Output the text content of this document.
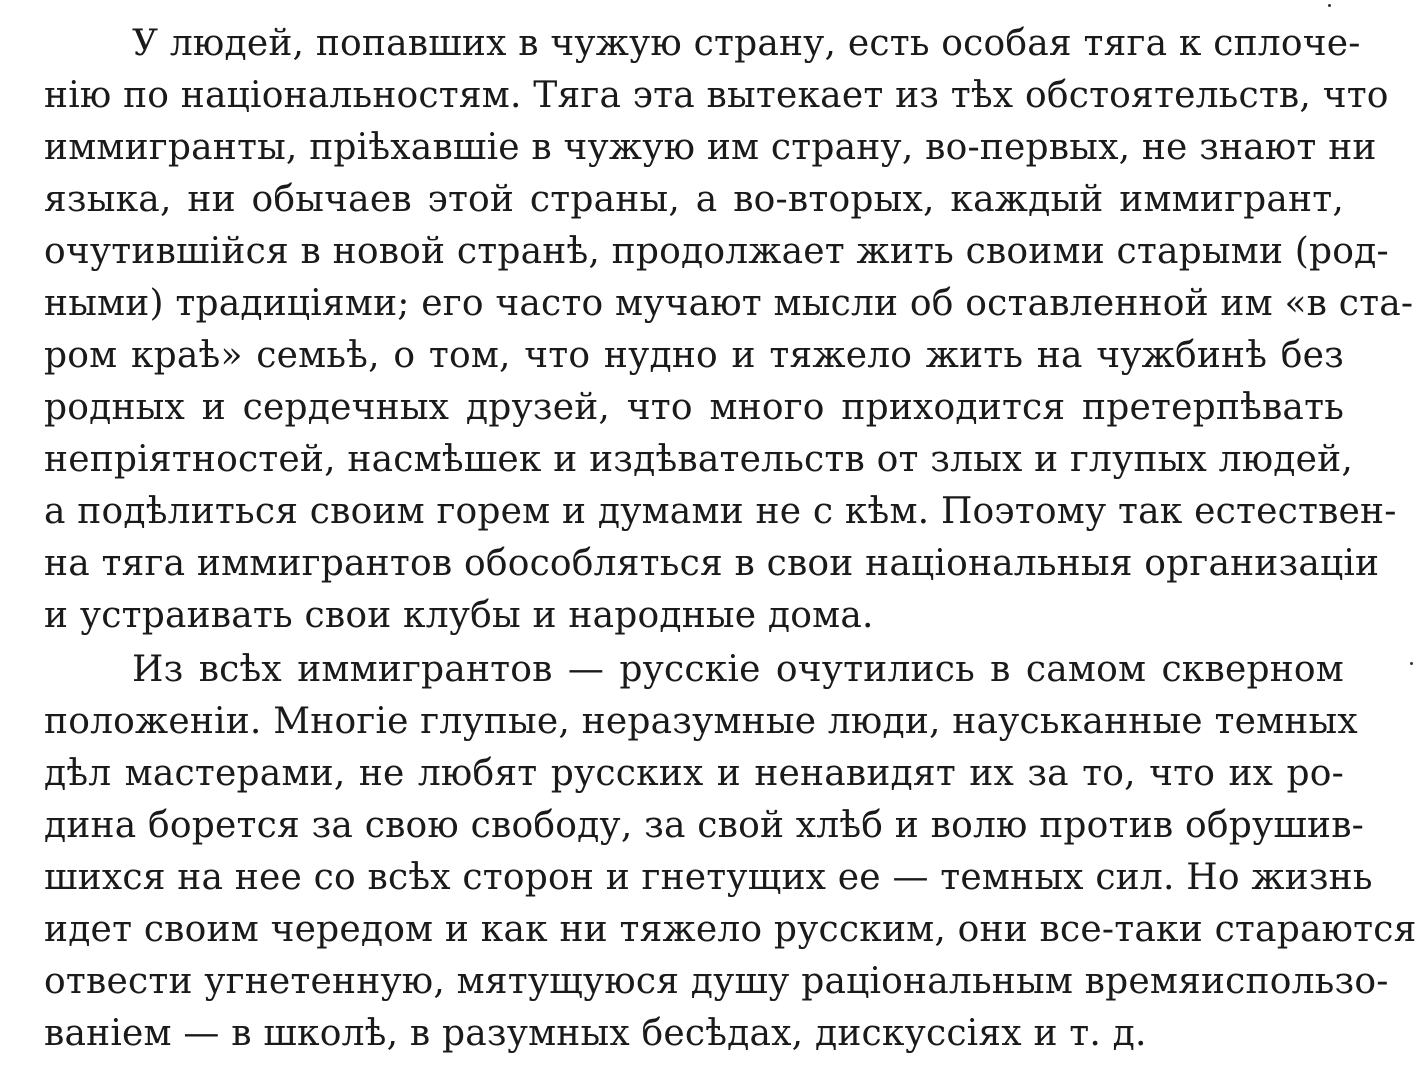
У людей, попавших в чужую страну, есть особая тяга к сплоче-
нію по національностям. Тяга эта вытекает из тѣх обстоятельств, что
иммигранты, пріѣхавшіе в чужую им страну, во-первых, не знают ни
языка, ни обычаев этой страны, а во-вторых, каждый иммигрант,
очутившійся в новой странѣ, продолжает жить своими старыми (род-
ными) традиціями; его часто мучают мысли об оставленной им «в ста-
ром краѣ» семьѣ, о том, что нудно и тяжело жить на чужбинѣ без
родных и сердечных друзей, что много приходится претерпѣвать
непріятностей, насмѣшек и издѣвательств от злых и глупых людей,
а подѣлиться своим горем и думами не с кѣм. Поэтому так естествен-
на тяга иммигрантов обособляться в свои національныя организаціи
и устраивать свои клубы и народные дома.
Из всѣх иммигрантов — русскіе очутились в самом скверном
положеніи. Многіе глупые, неразумные люди, науськанные темных
дѣл мастерами, не любят русских и ненавидят их за то, что их ро-
дина борется за свою свободу, за свой хлѣб и волю против обрушив-
шихся на нее со всѣх сторон и гнетущих ее — темных сил. Но жизнь
идет своим чередом и как ни тяжело русским, они все-таки стараются
отвести угнетенную, мятущуюся душу раціональным времяиспользо-
ваніем — в школѣ, в разумных бесѣдах, дискуссіях и т. д.
